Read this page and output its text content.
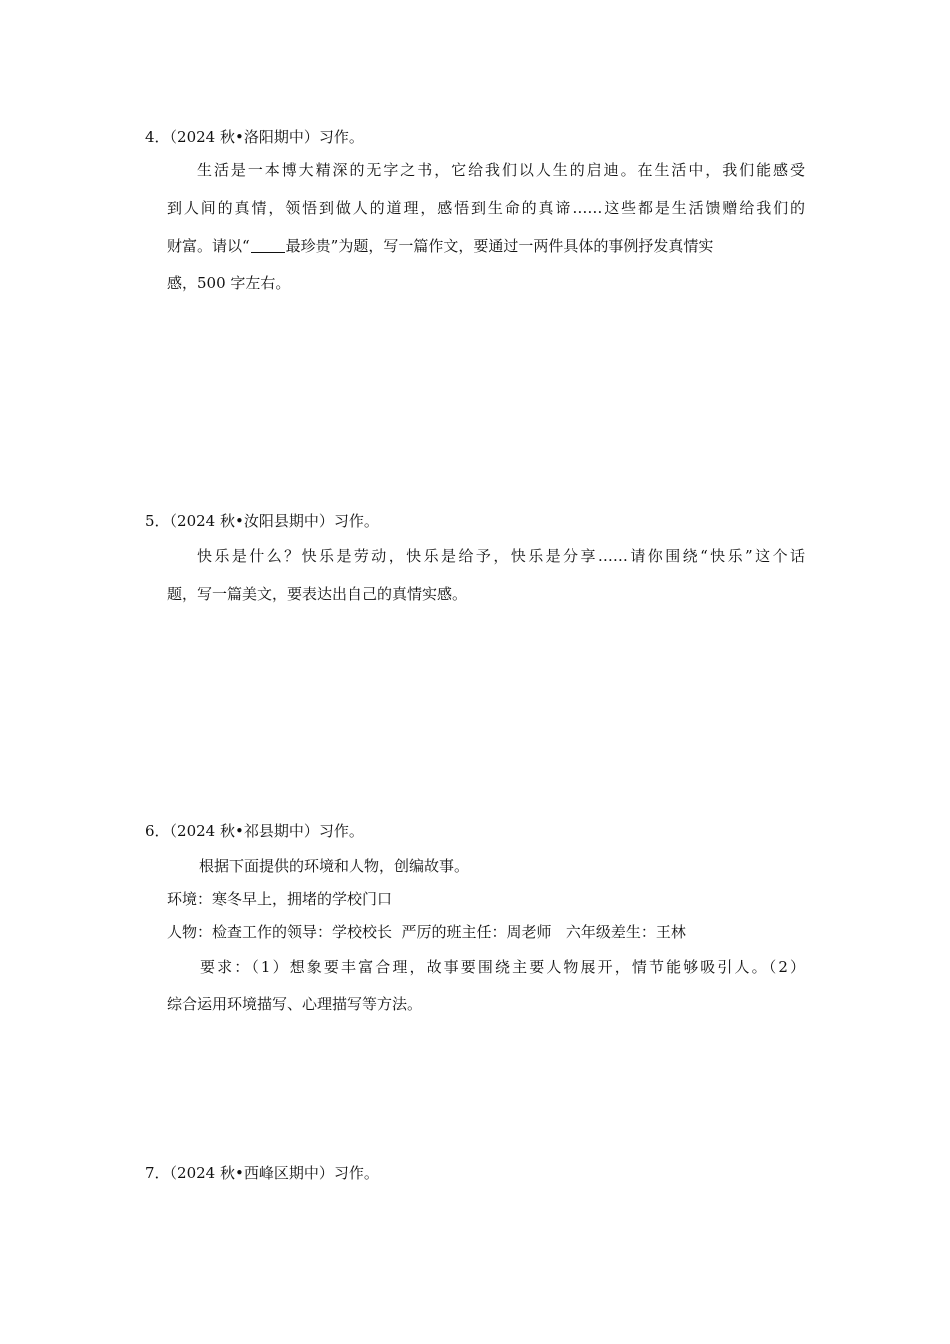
4．（2024 秋•洛阳期中）习作。
生活是一本博大精深的无字之书，它给我们以人生的启迪。在生活中，我们能感受
到人间的真情，领悟到做人的道理，感悟到生命的真谛……这些都是生活馈赠给我们的
财富。请以“ 最珍贵”为题，写一篇作文，要通过一两件具体的事例抒发真情实
感，500 字左右。
5．（2024 秋•汝阳县期中）习作。
快乐是什么？快乐是劳动，快乐是给予，快乐是分享……请你围绕“快乐”这个话
题，写一篇美文，要表达出自己的真情实感。
6．（2024 秋•祁县期中）习作。
根据下面提供的环境和人物，创编故事。
环境：寒冬早上，拥堵的学校门口
人物：检查工作的领导：学校校长  严厉的班主任：周老师   六年级差生：王林
要求：（1）想象要丰富合理，故事要围绕主要人物展开，情节能够吸引人。（2）
综合运用环境描写、心理描写等方法。
7．（2024 秋•西峰区期中）习作。
